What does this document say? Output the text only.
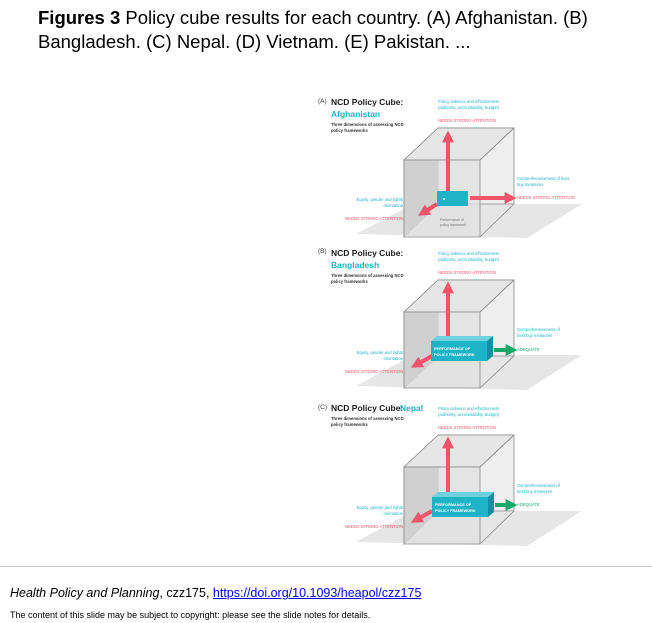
Figures 3 Policy cube results for each country. (A) Afghanistan. (B) Bangladesh. (C) Nepal. (D) Vietnam. (E) Pakistan. ...
(A) NCD Policy Cube:
Afghanistan
Three dimensions of assessing NCD
policy frameworks
Policy salience and effectiveness
(authority, accountability, budget)
NEEDS STRONG ATTENTION
Comprehensiveness of best
buy measures
NEEDS STRONG ATTENTION
Equity, gender and rights
orientation
NEEDS STRONG ATTENTION	Performance of
policy framework
(B) NCD Policy Cube:
Bangladesh
Three dimensions of assessing NCD
policy frameworks
Policy salience and effectiveness
(authority, accountability, budget)
NEEDS STRONG ATTENTION
Comprehensiveness of
best buy measures
ADEQUATE
Equity, gender and rights
orientation
NEEDS STRONG ATTENTION
PERFORMANCE OF
POLICY FRAMEWORK
(C) NCD Policy Cube:
Nepal
Three dimensions of assessing NCD
policy frameworks
Policy salience and effectiveness
(authority, accountability, budget)
NEEDS STRONG ATTENTION
Comprehensiveness of
best buy measures
ADEQUATE
Equity, gender and rights
orientation
NEEDS STRONG ATTENTION
PERFORMANCE OF
POLICY FRAMEWORK
Health Policy and Planning, czz175, https://doi.org/10.1093/heapol/czz175
The content of this slide may be subject to copyright: please see the slide notes for details.
